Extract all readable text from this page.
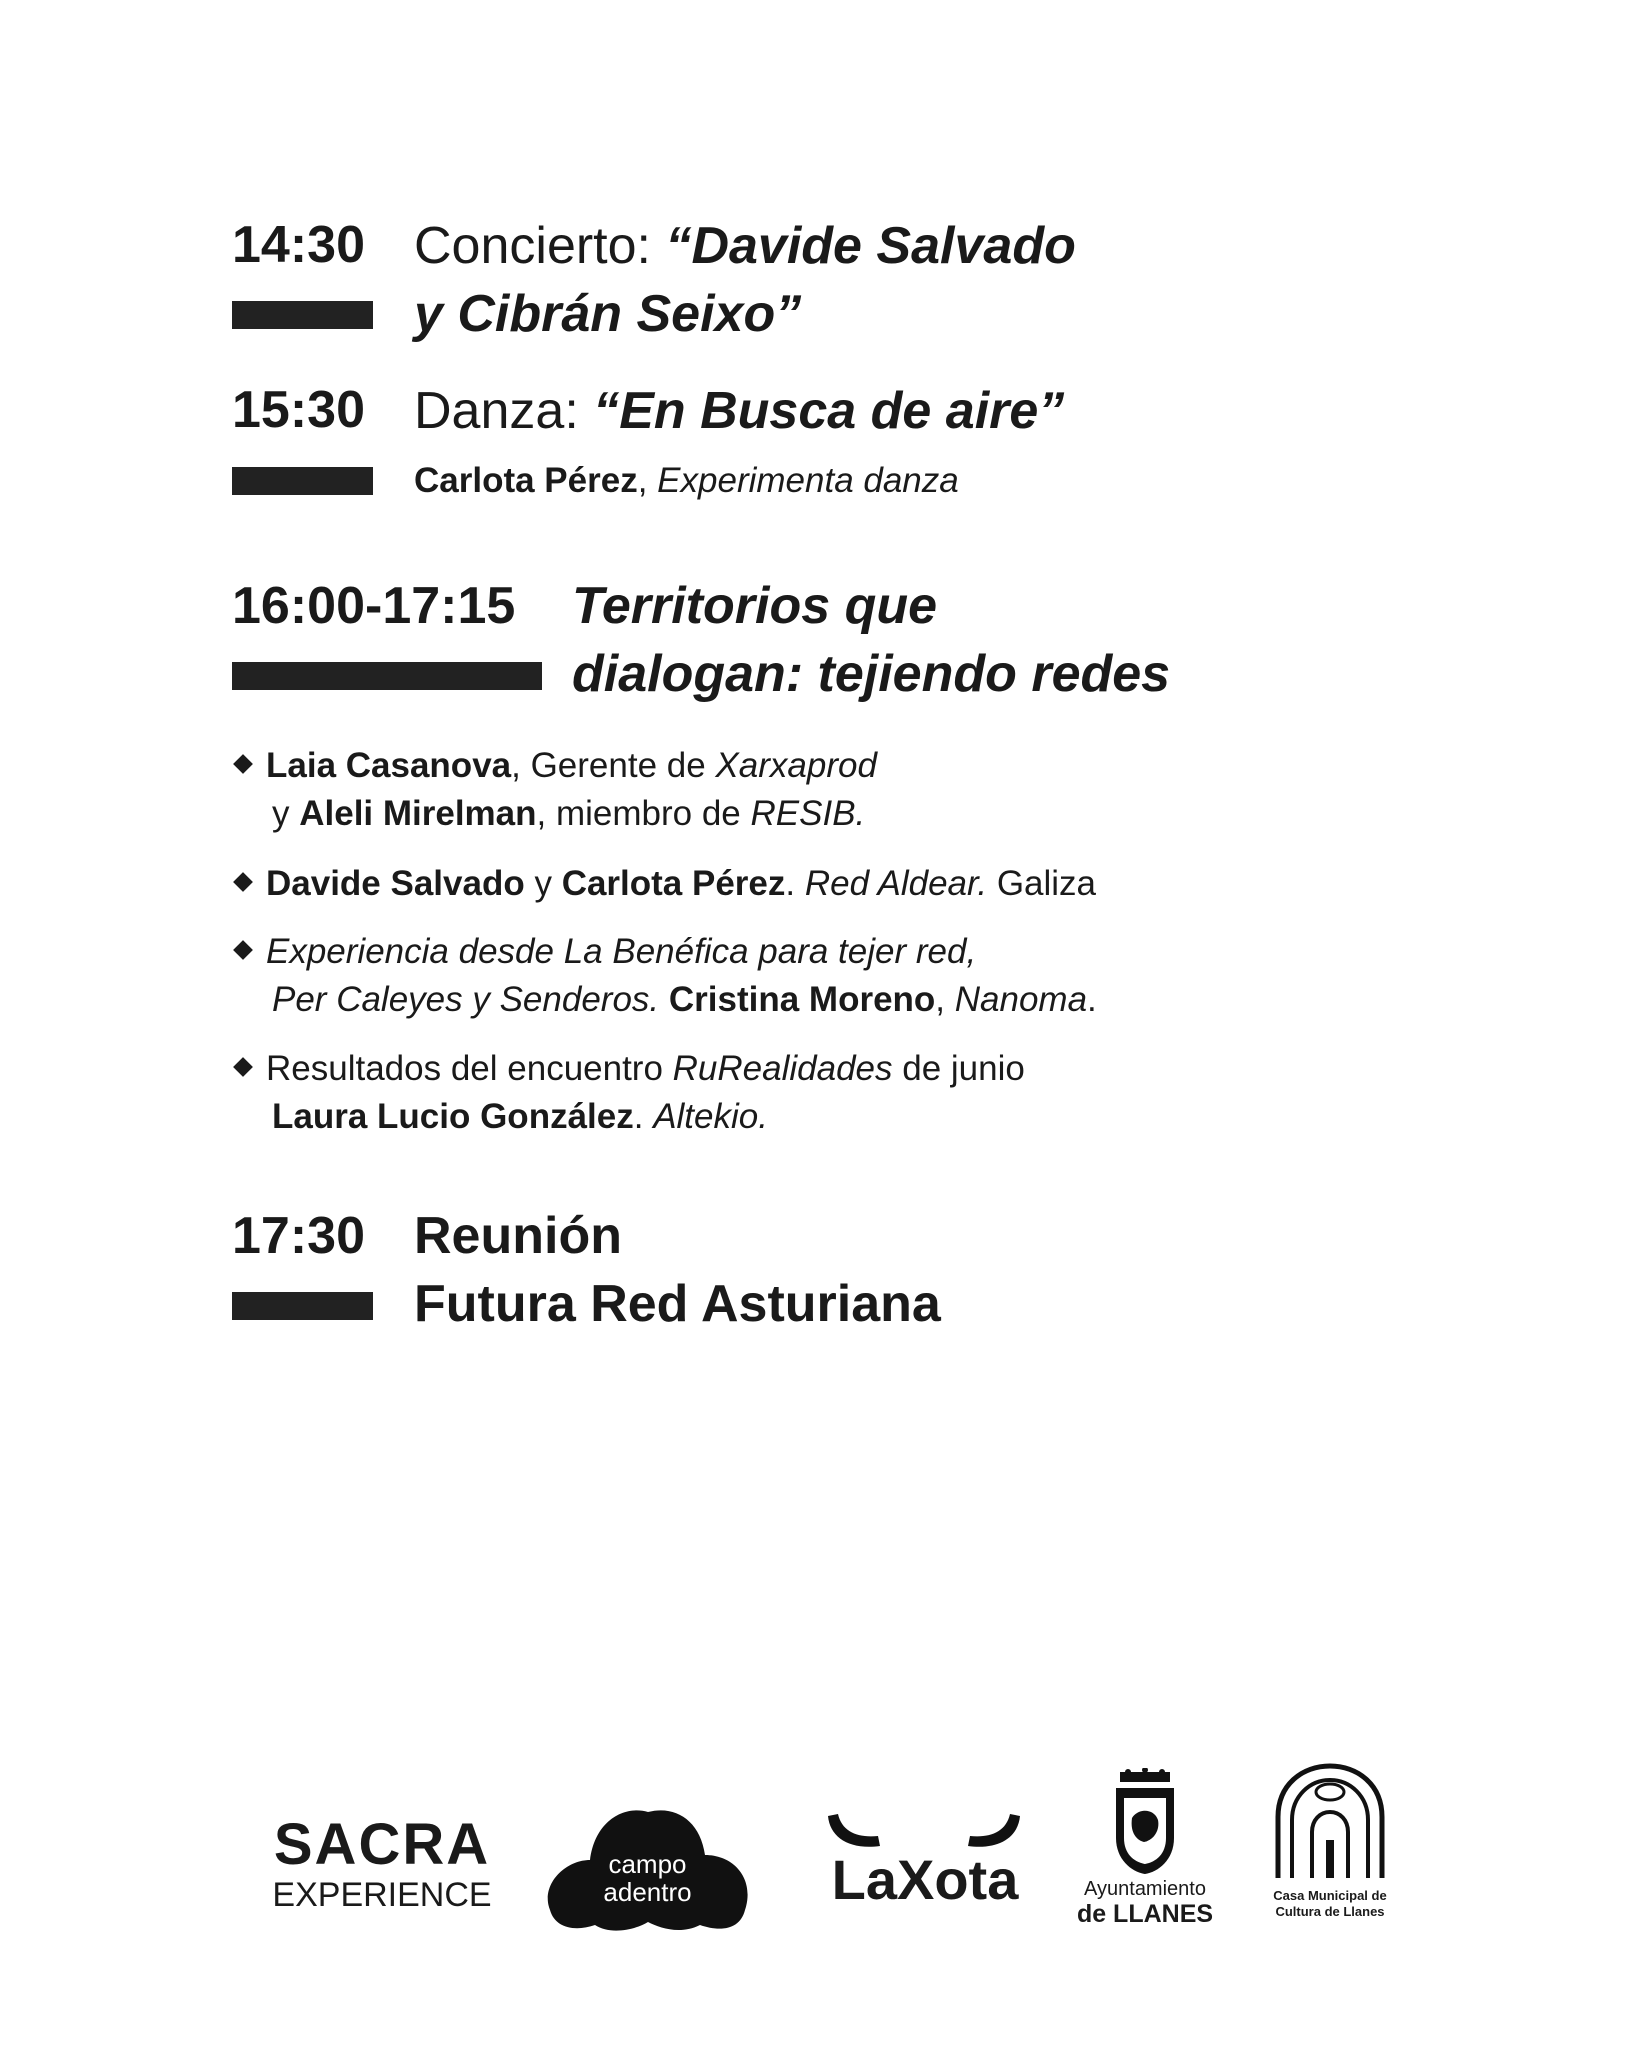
14:30 Concierto: “Davide Salvado
y Cibrán Seixo”
15:30 Danza: “En Busca de aire”
Carlota Pérez, Experimenta danza
16:00-17:15 Territorios que
dialogan: tejiendo redes
Laia Casanova, Gerente de Xarxaprod
y Aleli Mirelman, miembro de RESIB.
Davide Salvado y Carlota Pérez. Red Aldear. Galiza
Experiencia desde La Benéfica para tejer red,
Per Caleyes y Senderos. Cristina Moreno, Nanoma.
Resultados del encuentro RuRealidades de junio
Laura Lucio González. Altekio.
17:30 Reunión
Futura Red Asturiana
SACRA
EXPERIENCE
campo
adentro	LaXota	Ayuntamiento
de LLANES
Casa Municipal de
Cultura de Llanes
